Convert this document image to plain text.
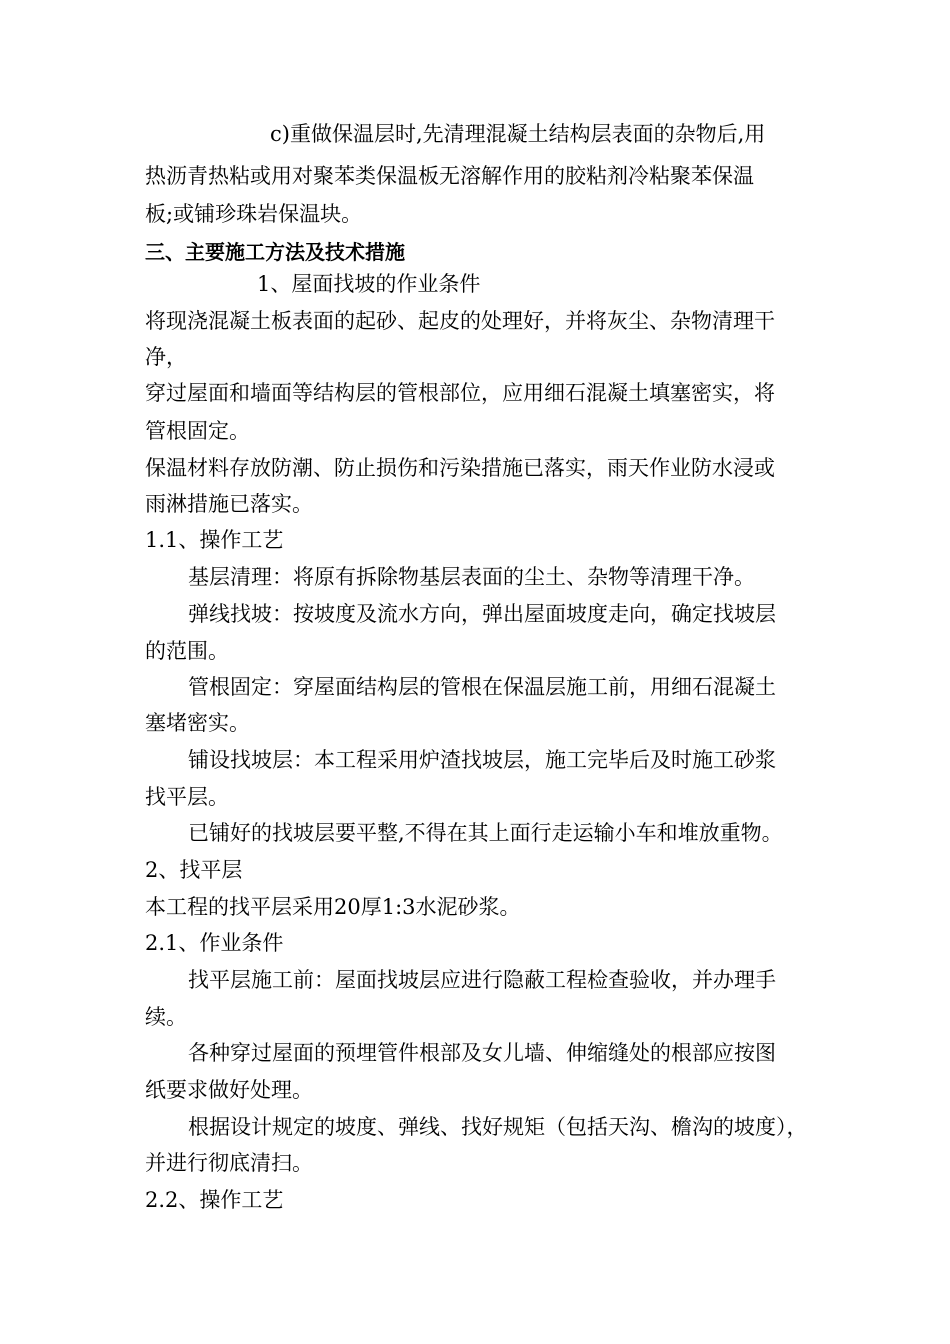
c)重做保温层时,先清理混凝土结构层表面的杂物后,用
热沥青热粘或用对聚苯类保温板无溶解作用的胶粘剂冷粘聚苯保温
板;或铺珍珠岩保温块。
三、主要施工方法及技术措施
1、屋面找坡的作业条件
将现浇混凝土板表面的起砂、起皮的处理好，并将灰尘、杂物清理干
净，
穿过屋面和墙面等结构层的管根部位，应用细石混凝土填塞密实，将
管根固定。
保温材料存放防潮、防止损伤和污染措施已落实，雨天作业防水浸或
雨淋措施已落实。
1.1、操作工艺
基层清理：将原有拆除物基层表面的尘土、杂物等清理干净。
弹线找坡：按坡度及流水方向，弹出屋面坡度走向，确定找坡层
的范围。
管根固定：穿屋面结构层的管根在保温层施工前，用细石混凝土
塞堵密实。
铺设找坡层：本工程采用炉渣找坡层，施工完毕后及时施工砂浆
找平层。
已铺好的找坡层要平整,不得在其上面行走运输小车和堆放重物。
2、找平层
本工程的找平层采用20厚1:3水泥砂浆。
2.1、作业条件
找平层施工前：屋面找坡层应进行隐蔽工程检查验收，并办理手
续。
各种穿过屋面的预埋管件根部及女儿墙、伸缩缝处的根部应按图
纸要求做好处理。
根据设计规定的坡度、弹线、找好规矩（包括天沟、檐沟的坡度），
并进行彻底清扫。
2.2、操作工艺
